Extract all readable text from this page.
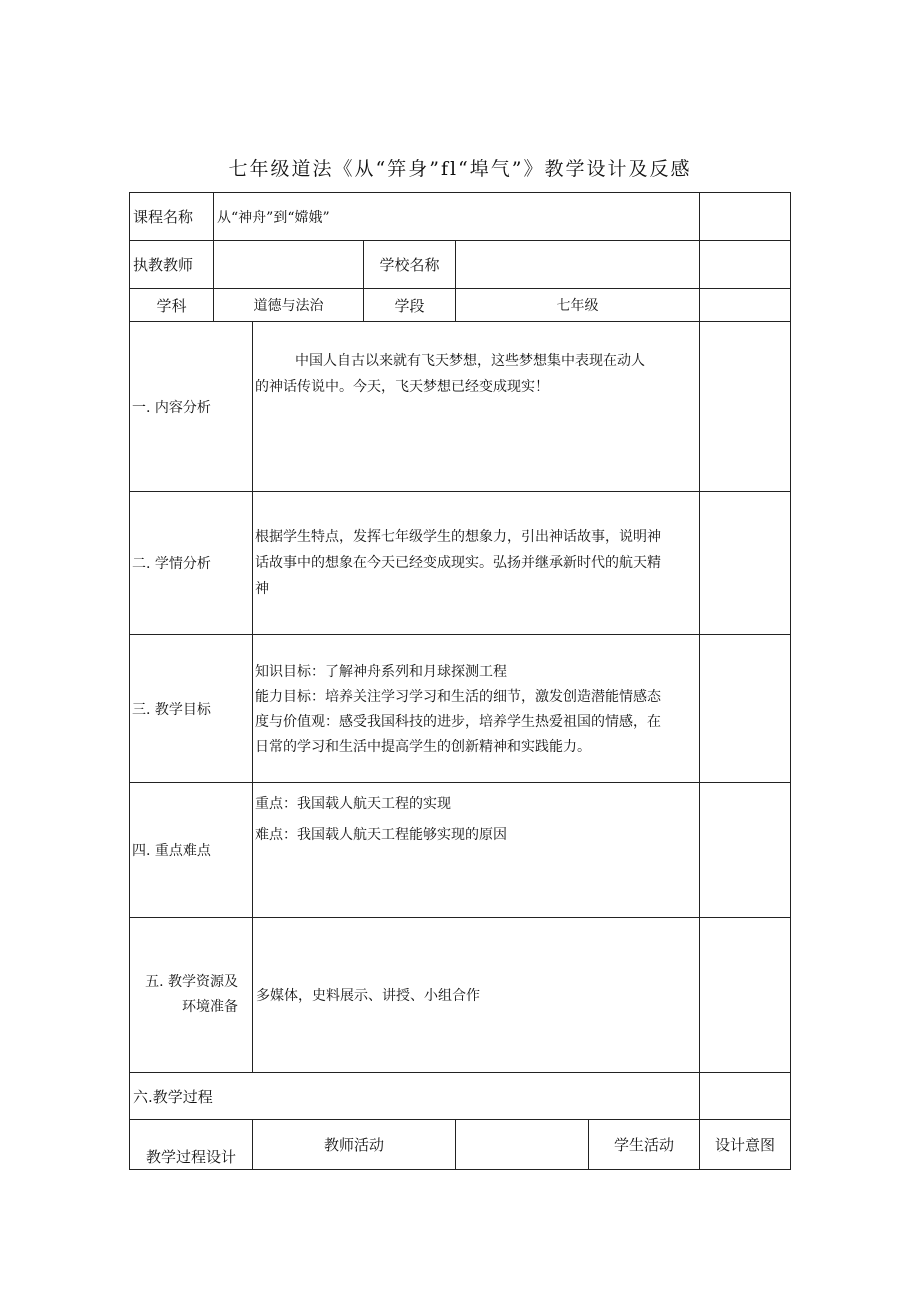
七年级道法《从“笄身”fl“埠气”》教学设计及反感
课程名称	从“神舟”到“嫦娥”					
执教教师			学校名称			
学科	道德与法治		学段	七年级		
一. 内容分析		中国人自古以来就有飞天梦想，这些梦想集中表现在动人
的神话传说中。今天，飞天梦想已经变成现实！				

二. 学情分析		根据学生特点，发挥七年级学生的想象力，引出神话故事，说明神
话故事中的想象在今天已经变成现实。弘扬并继承新时代的航天精
神				

三. 教学目标		知识目标：了解神舟系列和月球探测工程
能力目标：培养关注学习学习和生活的细节，激发创造潜能情感态
度与价值观：感受我国科技的进步，培养学生热爱祖国的情感，在
日常的学习和生活中提高学生的创新精神和实践能力。				

四. 重点难点		重点：我国载人航天工程的实现
难点：我国载人航天工程能够实现的原因				

五. 教学资源及
环境准备		多媒体，史料展示、讲授、小组合作				
六.教学过程						
教学过程设计		教师活动			学生活动	设计意图
